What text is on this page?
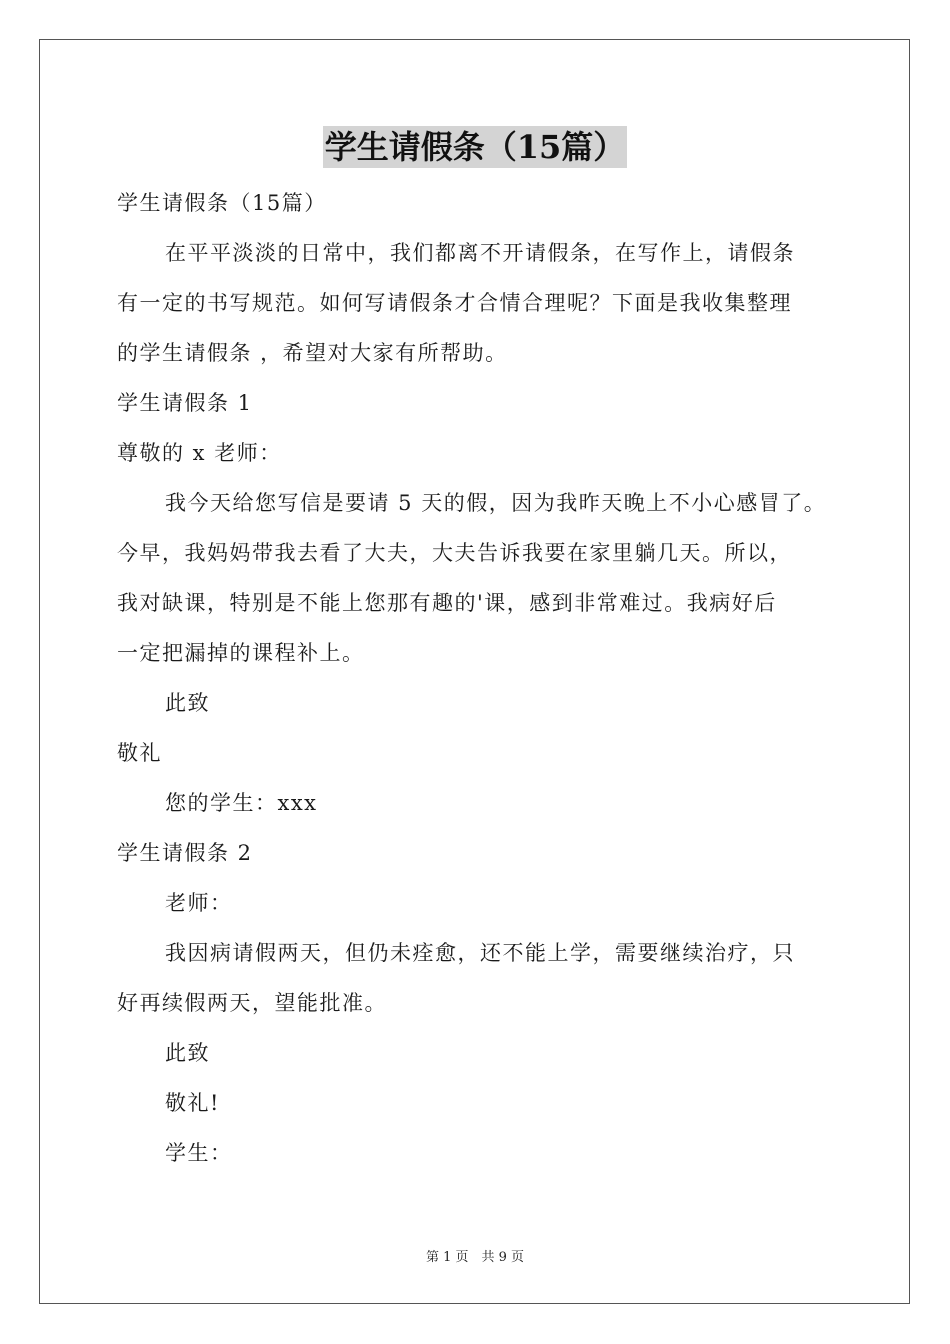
学生请假条（15篇）
学生请假条（15篇）
在平平淡淡的日常中，我们都离不开请假条，在写作上，请假条
有一定的书写规范。如何写请假条才合情合理呢？下面是我收集整理
的学生请假条 ，希望对大家有所帮助。
学生请假条 1
尊敬的 x 老师：
我今天给您写信是要请 5 天的假，因为我昨天晚上不小心感冒了。
今早，我妈妈带我去看了大夫，大夫告诉我要在家里躺几天。所以，
我对缺课，特别是不能上您那有趣的'课，感到非常难过。我病好后
一定把漏掉的课程补上。
此致
敬礼
您的学生：xxx
学生请假条 2
老师：
我因病请假两天，但仍未痊愈，还不能上学，需要继续治疗，只
好再续假两天，望能批准。
此致
敬礼!
学生：
第 1 页　共 9 页
